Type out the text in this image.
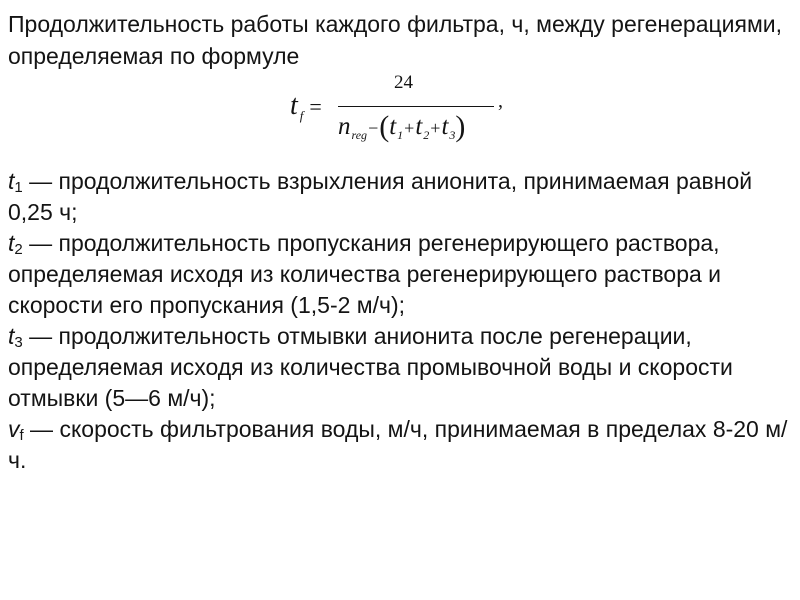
Продолжительность работы каждого фильтра, ч, между регенерациями, определяемая по формуле

t $_f$ =
24
$n_{reg}-(t_1+t_2+t_3)$
,

$t_1$ — продолжительность взрыхления анионита, принимаемая равной 0,25 ч;

$t_2$ — продолжительность пропускания регенерирующего раствора, определяемая исходя из количества регенерирующего раствора и скорости его пропускания (1,5-2 м/ч);

$t_3$ — продолжительность отмывки анионита после регенерации, определяемая исходя из количества промывочной воды и скорости отмывки (5—6 м/ч);

$v_f$ — скорость фильтрования воды, м/ч, принимаемая в пределах 8-20 м/ч.
